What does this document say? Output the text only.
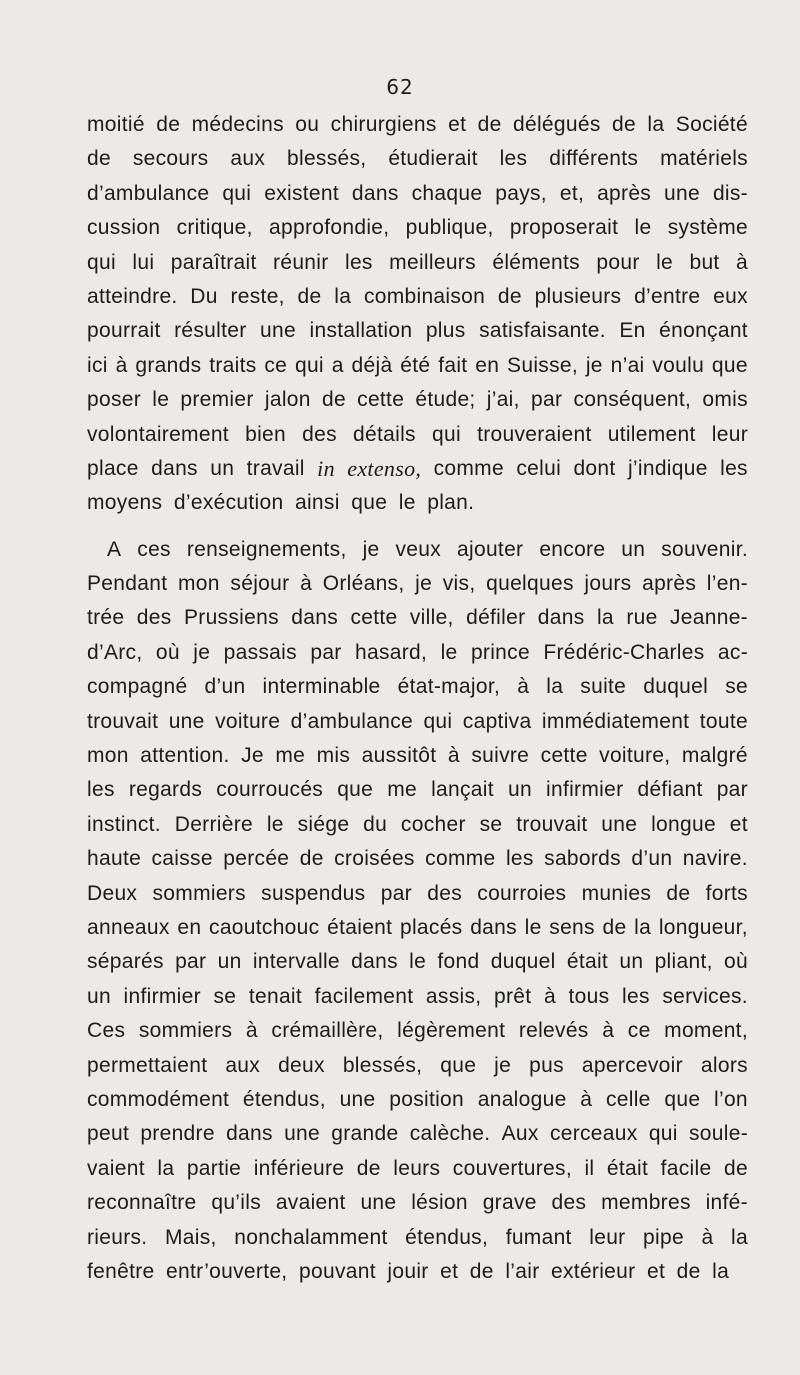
62
moitié de médecins ou chirurgiens et de délégués de la Société
de secours aux blessés, étudierait les différents matériels
d’ambulance qui existent dans chaque pays, et, après une dis-
cussion critique, approfondie, publique, proposerait le système
qui lui paraîtrait réunir les meilleurs éléments pour le but à
atteindre. Du reste, de la combinaison de plusieurs d’entre eux
pourrait résulter une installation plus satisfaisante. En énonçant
ici à grands traits ce qui a déjà été fait en Suisse, je n’ai voulu que
poser le premier jalon de cette étude; j’ai, par conséquent, omis
volontairement bien des détails qui trouveraient utilement leur
place dans un travail in extenso, comme celui dont j’indique les
moyens d’exécution ainsi que le plan.
A ces renseignements, je veux ajouter encore un souvenir.
Pendant mon séjour à Orléans, je vis, quelques jours après l’en-
trée des Prussiens dans cette ville, défiler dans la rue Jeanne-
d’Arc, où je passais par hasard, le prince Frédéric-Charles ac-
compagné d’un interminable état-major, à la suite duquel se
trouvait une voiture d’ambulance qui captiva immédiatement toute
mon attention. Je me mis aussitôt à suivre cette voiture, malgré
les regards courroucés que me lançait un infirmier défiant par
instinct. Derrière le siége du cocher se trouvait une longue et
haute caisse percée de croisées comme les sabords d’un navire.
Deux sommiers suspendus par des courroies munies de forts
anneaux en caoutchouc étaient placés dans le sens de la longueur,
séparés par un intervalle dans le fond duquel était un pliant, où
un infirmier se tenait facilement assis, prêt à tous les services.
Ces sommiers à crémaillère, légèrement relevés à ce moment,
permettaient aux deux blessés, que je pus apercevoir alors
commodément étendus, une position analogue à celle que l’on
peut prendre dans une grande calèche. Aux cerceaux qui soule-
vaient la partie inférieure de leurs couvertures, il était facile de
reconnaître qu’ils avaient une lésion grave des membres infé-
rieurs. Mais, nonchalamment étendus, fumant leur pipe à la
fenêtre entr’ouverte, pouvant jouir et de l’air extérieur et de la
